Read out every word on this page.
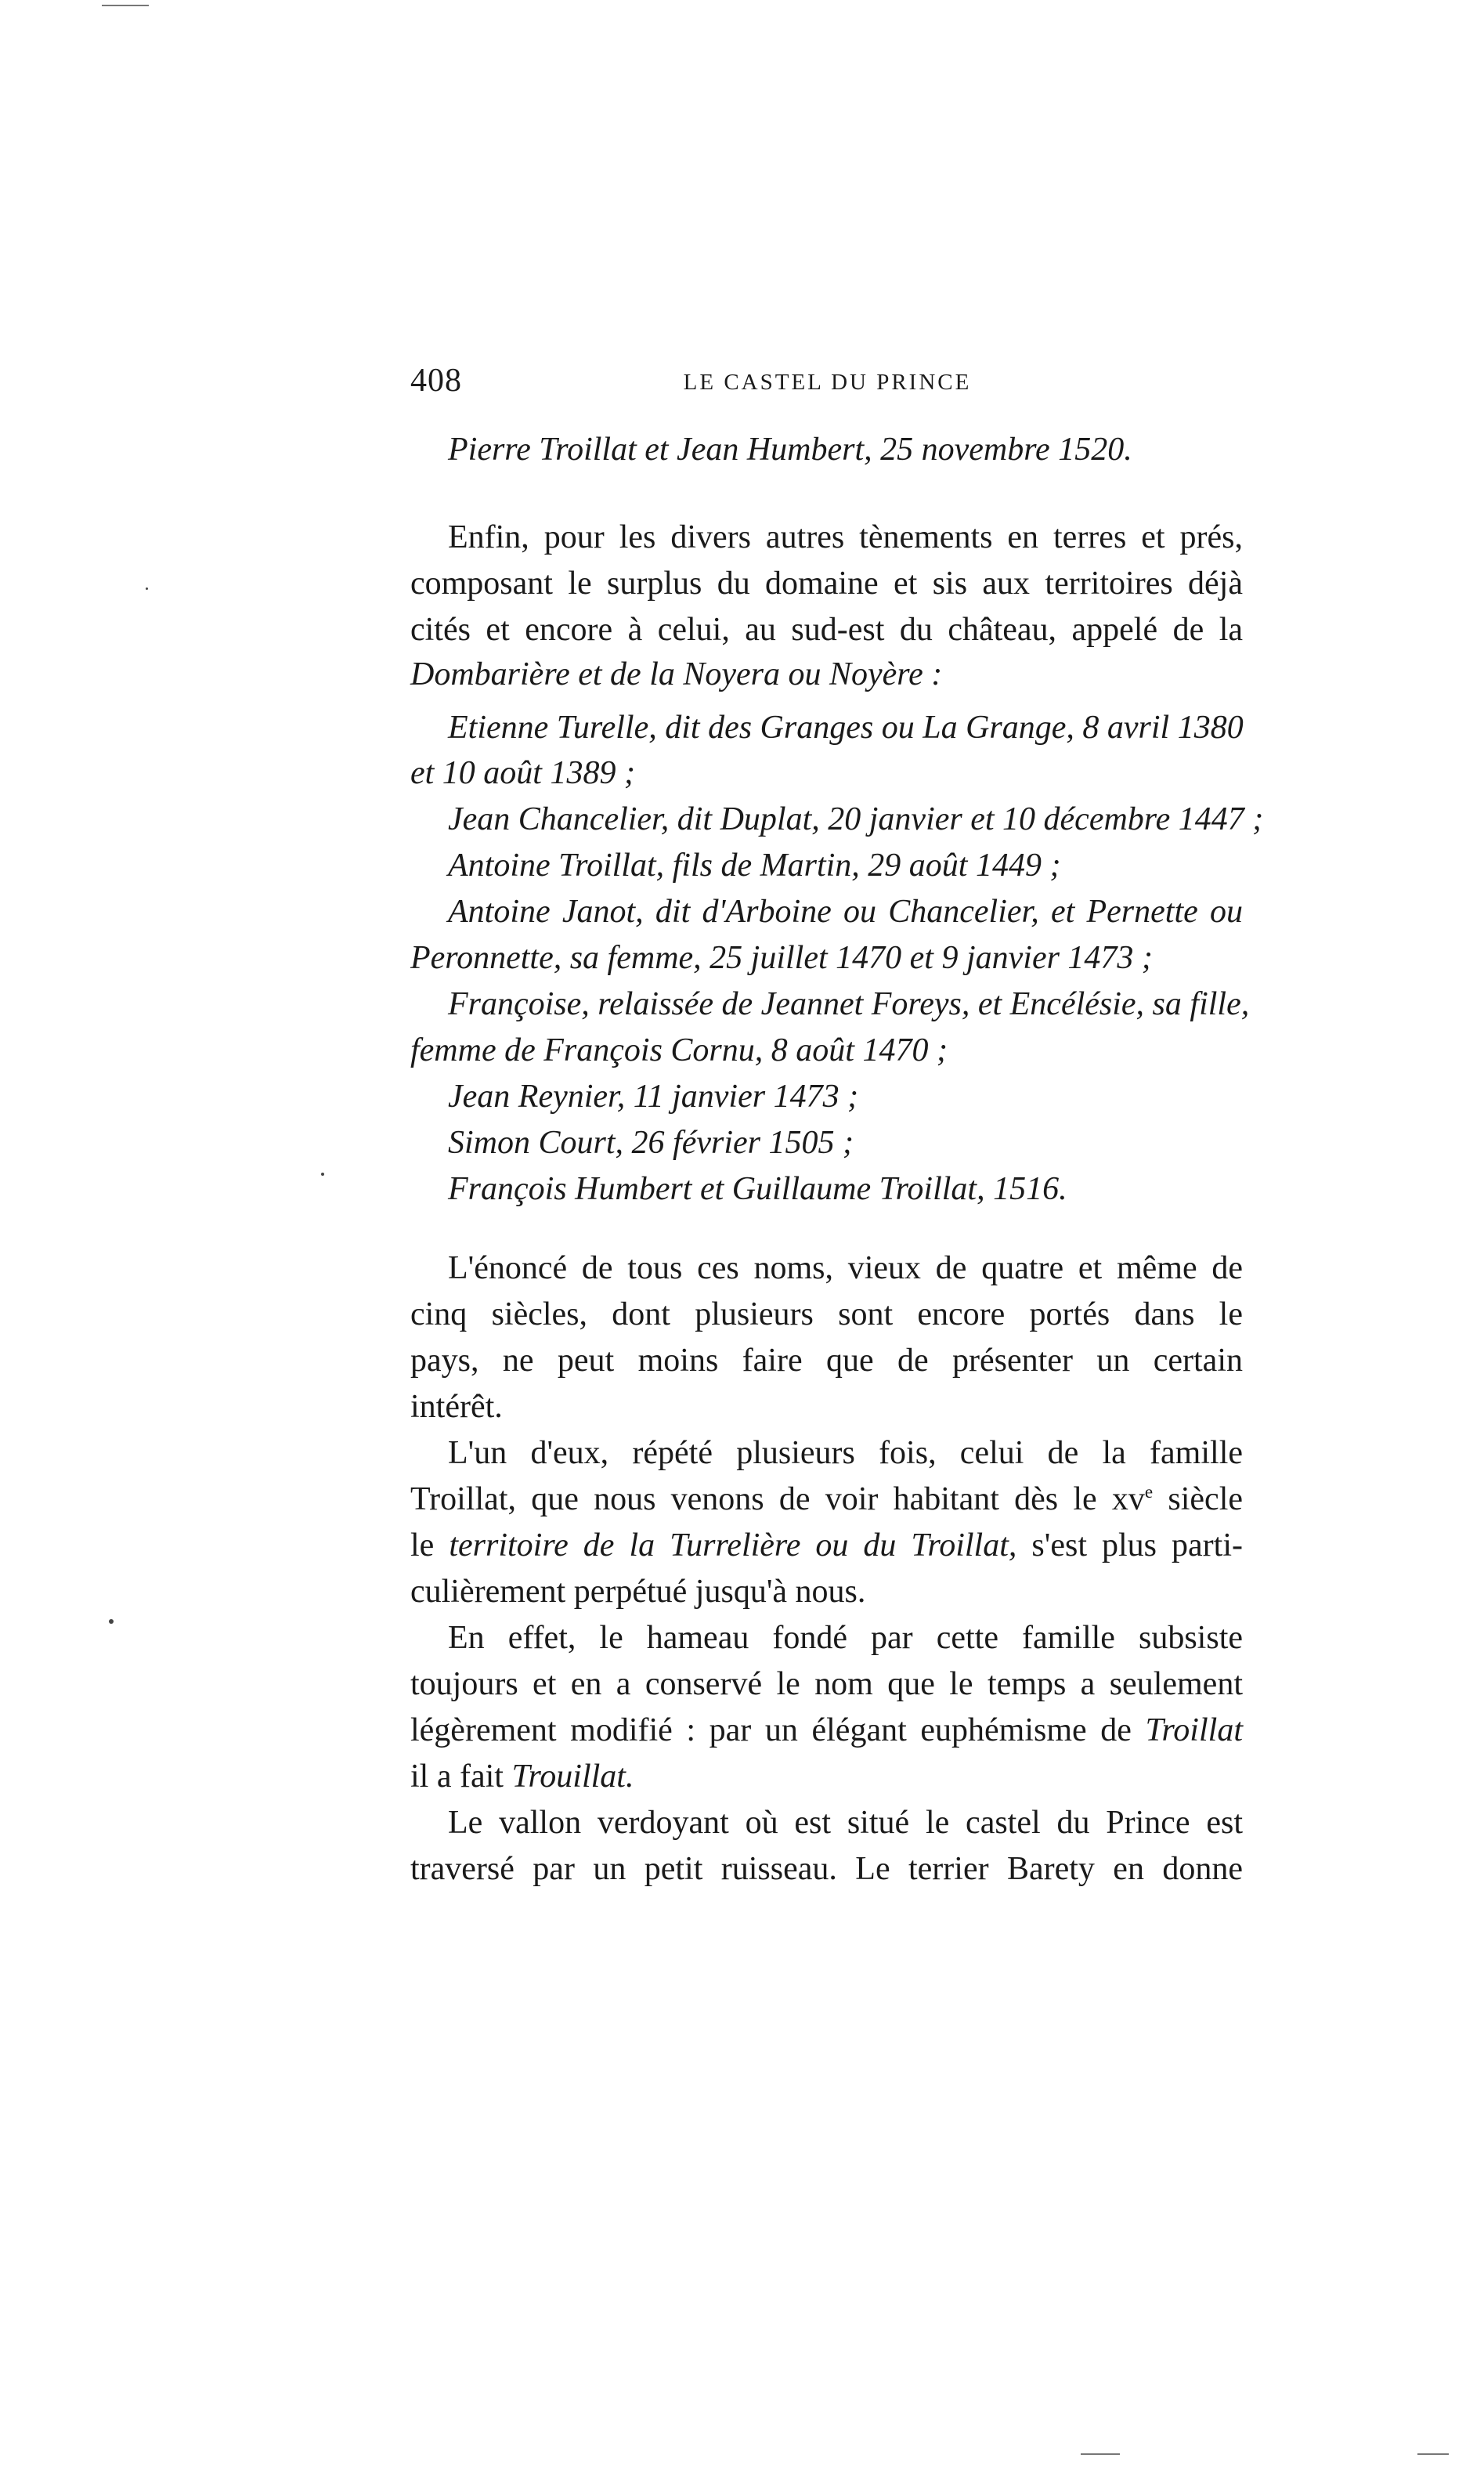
408	LE CASTEL DU PRINCE
Pierre Troillat et Jean Humbert, 25 novembre 1520.
Enfin, pour les divers autres tènements en terres et prés,
composant le surplus du domaine et sis aux territoires déjà
cités et encore à celui, au sud-est du château, appelé de la
Dombarière et de la Noyera ou Noyère :
Etienne Turelle, dit des Granges ou La Grange, 8 avril 1380
et 10 août 1389 ;
Jean Chancelier, dit Duplat, 20 janvier et 10 décembre 1447 ;
Antoine Troillat, fils de Martin, 29 août 1449 ;
Antoine Janot, dit d'Arboine ou Chancelier, et Pernette ou
Peronnette, sa femme, 25 juillet 1470 et 9 janvier 1473 ;
Françoise, relaissée de Jeannet Foreys, et Encélésie, sa fille,
femme de François Cornu, 8 août 1470 ;
Jean Reynier, 11 janvier 1473 ;
Simon Court, 26 février 1505 ;
François Humbert et Guillaume Troillat, 1516.
L'énoncé de tous ces noms, vieux de quatre et même de
cinq siècles, dont plusieurs sont encore portés dans le
pays, ne peut moins faire que de présenter un certain
intérêt.
L'un d'eux, répété plusieurs fois, celui de la famille
Troillat, que nous venons de voir habitant dès le $xv^e$ siècle
le territoire de la Turrelière ou du Troillat, s'est plus parti-
culièrement perpétué jusqu'à nous.
En effet, le hameau fondé par cette famille subsiste
toujours et en a conservé le nom que le temps a seulement
légèrement modifié : par un élégant euphémisme de Troillat
il a fait Trouillat.
Le vallon verdoyant où est situé le castel du Prince est
traversé par un petit ruisseau. Le terrier Barety en donne
